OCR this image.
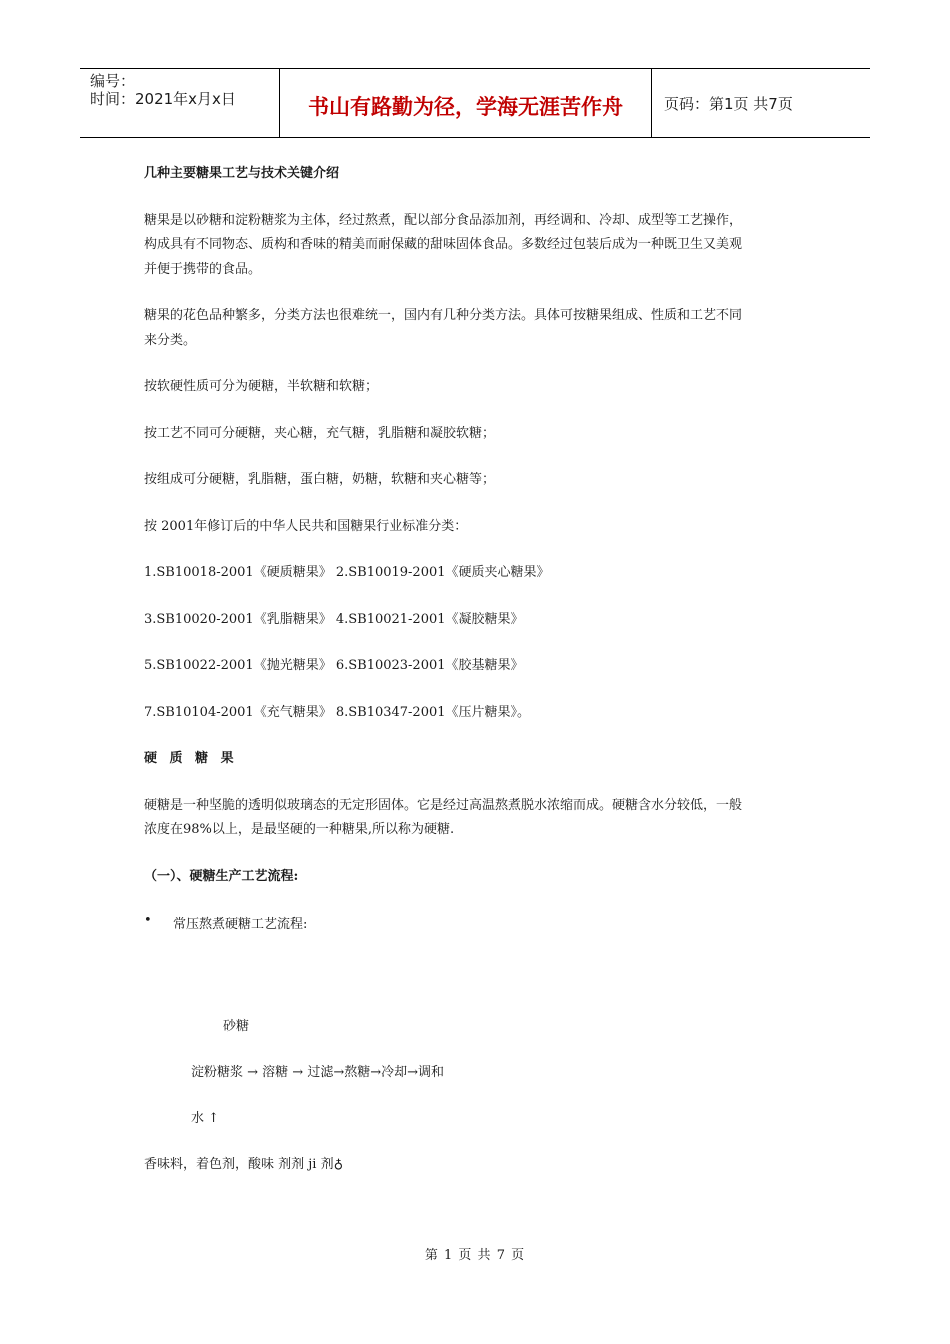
编号：
时间：2021年x月x日	书山有路勤为径，学海无涯苦作舟	页码：第1页 共7页

几种主要糖果工艺与技术关键介绍

糖果是以砂糖和淀粉糖浆为主体，经过熬煮，配以部分食品添加剂，再经调和、冷却、成型等工艺操作，

构成具有不同物态、质构和香味的精美而耐保藏的甜味固体食品。多数经过包装后成为一种既卫生又美观

并便于携带的食品。

糖果的花色品种繁多，分类方法也很难统一，国内有几种分类方法。具体可按糖果组成、性质和工艺不同

来分类。

按软硬性质可分为硬糖，半软糖和软糖；

按工艺不同可分硬糖，夹心糖，充气糖，乳脂糖和凝胶软糖；

按组成可分硬糖，乳脂糖，蛋白糖，奶糖，软糖和夹心糖等；

按 2001年修订后的中华人民共和国糖果行业标准分类：

1.SB10018-2001《硬质糖果》 2.SB10019-2001《硬质夹心糖果》

3.SB10020-2001《乳脂糖果》 4.SB10021-2001《凝胶糖果》

5.SB10022-2001《抛光糖果》 6.SB10023-2001《胶基糖果》

7.SB10104-2001《充气糖果》 8.SB10347-2001《压片糖果》。

硬 质 糖 果

硬糖是一种坚脆的透明似玻璃态的无定形固体。它是经过高温熬煮脱水浓缩而成。硬糖含水分较低，一般

浓度在98%以上，是最坚硬的一种糖果,所以称为硬糖.

（一）、硬糖生产工艺流程:

•	常压熬煮硬糖工艺流程:
砂糖
淀粉糖浆 → 溶糖 → 过滤→熬糖→冷却→调和
水 ↑
香味料，着色剂，酸味 剂剂 ji 剂♁
第 1 页 共 7 页
